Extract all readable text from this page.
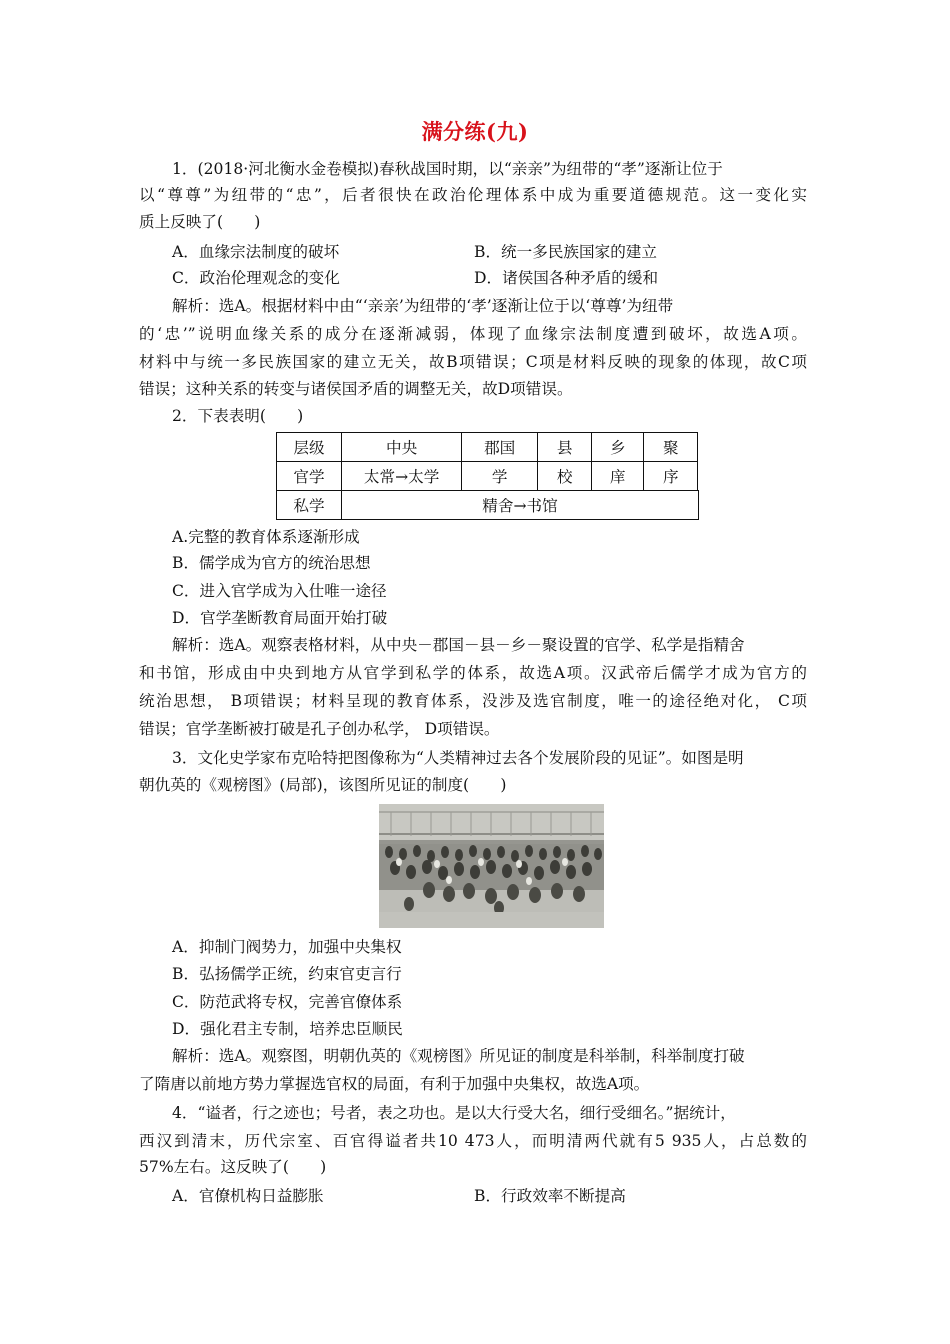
满分练(九)
1．(2018·河北衡水金卷模拟)春秋战国时期，以“亲亲”为纽带的“孝”逐渐让位于
以“尊尊”为纽带的“忠”，后者很快在政治伦理体系中成为重要道德规范。这一变化实
质上反映了(　　)
A．血缘宗法制度的破坏	B．统一多民族国家的建立
C．政治伦理观念的变化	D．诸侯国各种矛盾的缓和
解析：选A。根据材料中由“‘亲亲’为纽带的‘孝’逐渐让位于以‘尊尊’为纽带
的‘忠’”说明血缘关系的成分在逐渐减弱，体现了血缘宗法制度遭到破坏，故选A项。
材料中与统一多民族国家的建立无关，故B项错误；C项是材料反映的现象的体现，故C项
错误；这种关系的转变与诸侯国矛盾的调整无关，故D项错误。
2．下表表明(　　)
层级	中央	郡国	县	乡	聚	
官学	太常→太学	学	校	庠	序	
私学	精舍→书馆					
A.完整的教育体系逐渐形成
B．儒学成为官方的统治思想
C．进入官学成为入仕唯一途径
D．官学垄断教育局面开始打破
解析：选A。观察表格材料，从中央－郡国－县－乡－聚设置的官学、私学是指精舍
和书馆，形成由中央到地方从官学到私学的体系，故选A项。汉武帝后儒学才成为官方的
统治思想， B项错误；材料呈现的教育体系，没涉及选官制度，唯一的途径绝对化， C项
错误；官学垄断被打破是孔子创办私学， D项错误。
3．文化史学家布克哈特把图像称为“人类精神过去各个发展阶段的见证”。如图是明
朝仇英的《观榜图》(局部)，该图所见证的制度(　　)
A．抑制门阀势力，加强中央集权
B．弘扬儒学正统，约束官吏言行
C．防范武将专权，完善官僚体系
D．强化君主专制，培养忠臣顺民
解析：选A。观察图，明朝仇英的《观榜图》所见证的制度是科举制，科举制度打破
了隋唐以前地方势力掌握选官权的局面，有利于加强中央集权，故选A项。
4．“谥者，行之迹也；号者，表之功也。是以大行受大名，细行受细名。”据统计，
西汉到清末，历代宗室、百官得谥者共10 473人，而明清两代就有5 935人，占总数的
57%左右。这反映了(　　)
A．官僚机构日益膨胀	B．行政效率不断提高
